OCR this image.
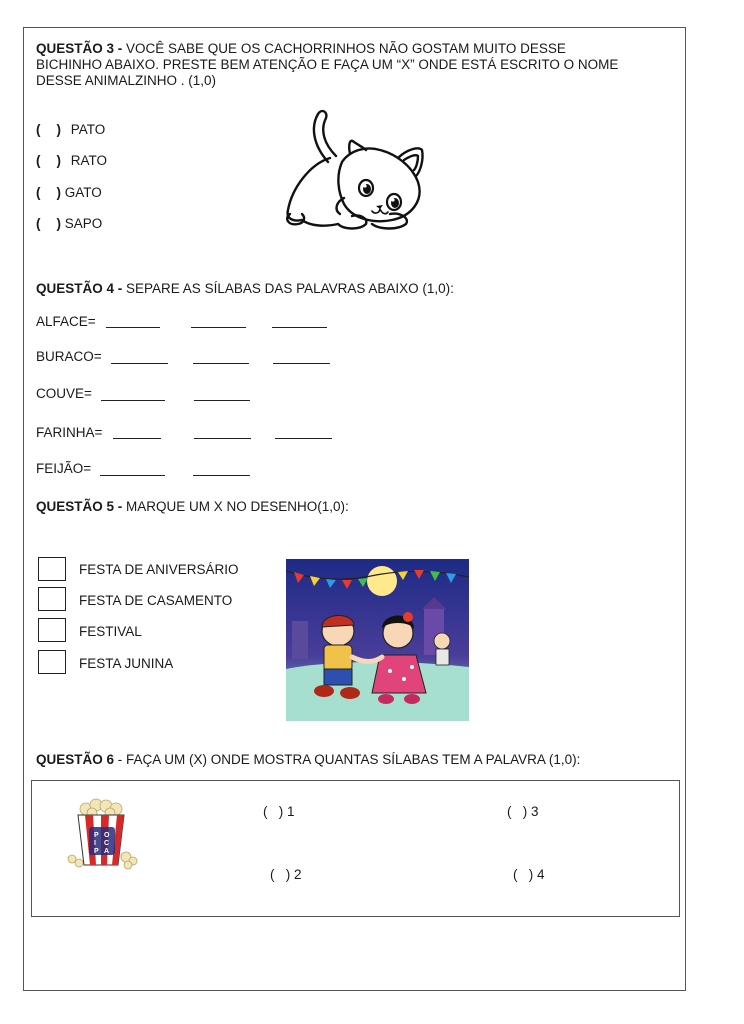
QUESTÃO 3 - VOCÊ SABE QUE OS CACHORRINHOS NÃO GOSTAM MUITO DESSE
BICHINHO ABAIXO. PRESTE BEM ATENÇÃO E FAÇA UM “X” ONDE ESTÁ ESCRITO O NOME
DESSE ANIMALZINHO . (1,0)
( ) PATO
( ) RATO
( ) GATO
( ) SAPO
QUESTÃO 4 - SEPARE AS SÍLABAS DAS PALAVRAS ABAIXO (1,0):
ALFACE=
BURACO=
COUVE=
FARINHA=
FEIJÃO=
QUESTÃO 5 - MARQUE UM X NO DESENHO(1,0):
FESTA DE ANIVERSÁRIO
FESTA DE CASAMENTO
FESTIVAL
FESTA JUNINA
QUESTÃO 6 - FAÇA UM (X) ONDE MOSTRA QUANTAS SÍLABAS TEM A PALAVRA (1,0):
P
I
P
O
C
A
(   ) 1	(   ) 3
(   ) 2	(   ) 4
